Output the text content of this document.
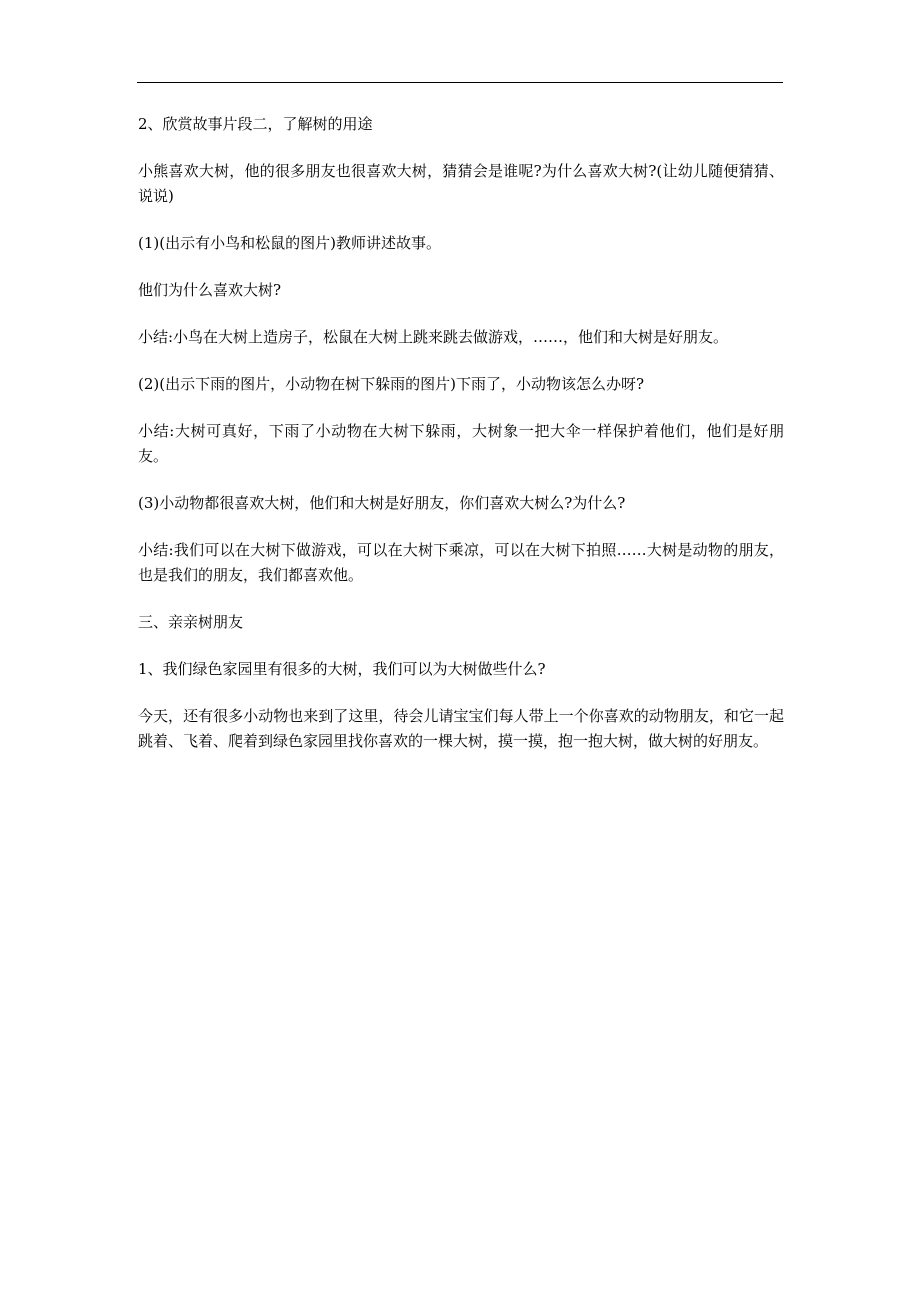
2、欣赏故事片段二，了解树的用途

小熊喜欢大树，他的很多朋友也很喜欢大树，猜猜会是谁呢?为什么喜欢大树?(让幼儿随便猜猜、说说)

(1)(出示有小鸟和松鼠的图片)教师讲述故事。

他们为什么喜欢大树?

小结:小鸟在大树上造房子，松鼠在大树上跳来跳去做游戏，……，他们和大树是好朋友。

(2)(出示下雨的图片，小动物在树下躲雨的图片)下雨了，小动物该怎么办呀?

小结:大树可真好，下雨了小动物在大树下躲雨，大树象一把大伞一样保护着他们，他们是好朋友。

(3)小动物都很喜欢大树，他们和大树是好朋友，你们喜欢大树么?为什么?

小结:我们可以在大树下做游戏，可以在大树下乘凉，可以在大树下拍照……大树是动物的朋友，也是我们的朋友，我们都喜欢他。

三、亲亲树朋友

1、我们绿色家园里有很多的大树，我们可以为大树做些什么?

今天，还有很多小动物也来到了这里，待会儿请宝宝们每人带上一个你喜欢的动物朋友，和它一起跳着、飞着、爬着到绿色家园里找你喜欢的一棵大树，摸一摸，抱一抱大树，做大树的好朋友。
